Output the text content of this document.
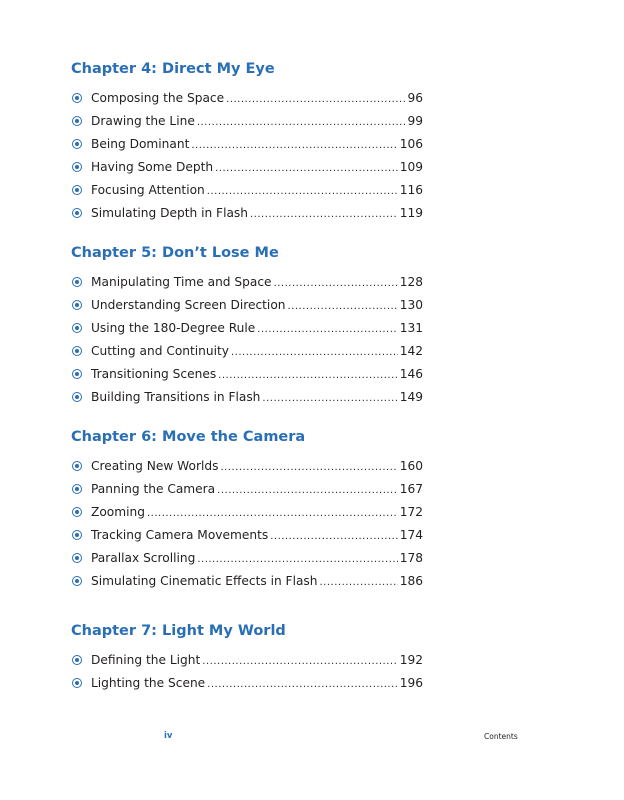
Chapter 4: Direct My Eye
Composing the Space .....	96
Drawing the Line .....	99
Being Dominant .....	106
Having Some Depth .....	109
Focusing Attention .....	116
Simulating Depth in Flash .....	119
Chapter 5: Don’t Lose Me
Manipulating Time and Space .....	128
Understanding Screen Direction .....	130
Using the 180-Degree Rule .....	131
Cutting and Continuity .....	142
Transitioning Scenes .....	146
Building Transitions in Flash .....	149
Chapter 6: Move the Camera
Creating New Worlds .....	160
Panning the Camera .....	167
Zooming .....	172
Tracking Camera Movements .....	174
Parallax Scrolling .....	178
Simulating Cinematic Effects in Flash .....	186
Chapter 7: Light My World
Defining the Light .....	192
Lighting the Scene .....	196
iv	Contents
